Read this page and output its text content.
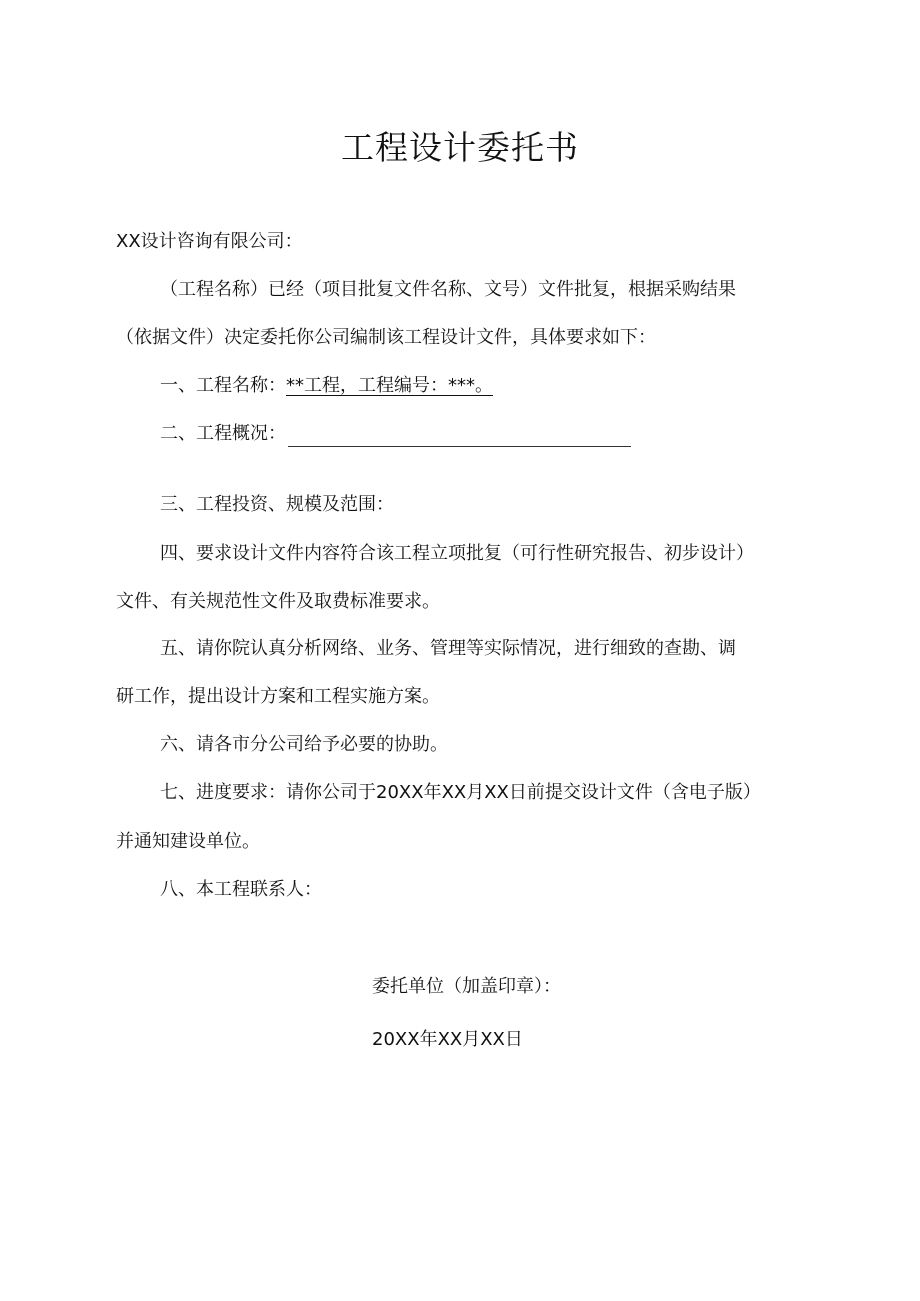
工程设计委托书
XX设计咨询有限公司：
（工程名称）已经（项目批复文件名称、文号）文件批复，根据采购结果
（依据文件）决定委托你公司编制该工程设计文件，具体要求如下：
一、工程名称：**工程，工程编号：***。
二、工程概况：
三、工程投资、规模及范围：
四、要求设计文件内容符合该工程立项批复（可行性研究报告、初步设计）
文件、有关规范性文件及取费标准要求。
五、请你院认真分析网络、业务、管理等实际情况，进行细致的查勘、调
研工作，提出设计方案和工程实施方案。
六、请各市分公司给予必要的协助。
七、进度要求：请你公司于20XX年XX月XX日前提交设计文件（含电子版）
并通知建设单位。
八、本工程联系人：
委托单位（加盖印章）：
20XX年XX月XX日
